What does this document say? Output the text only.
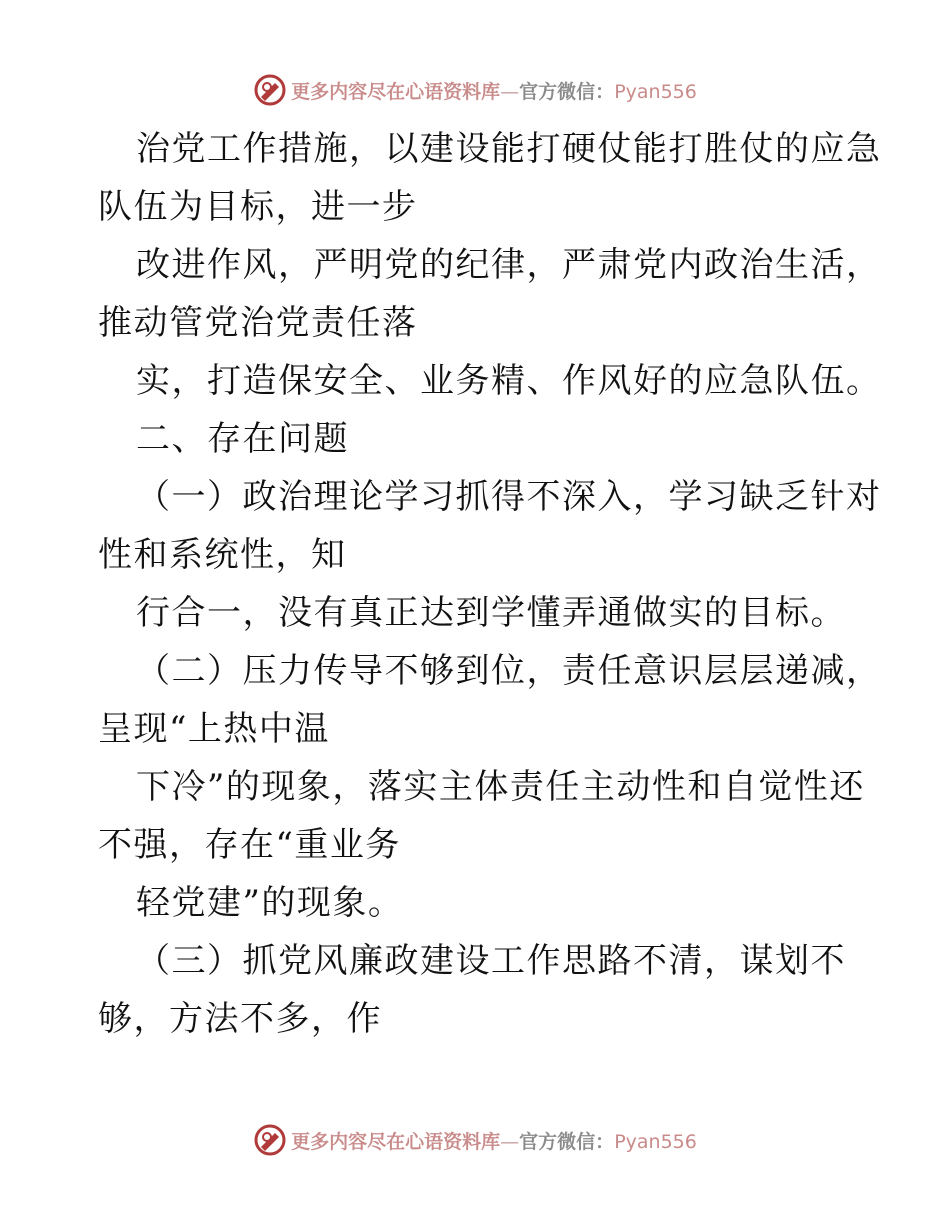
更多内容尽在心语资料库—官方微信：Pyan556
治党工作措施，以建设能打硬仗能打胜仗的应急
队伍为目标，进一步
改进作风，严明党的纪律，严肃党内政治生活，
推动管党治党责任落
实，打造保安全、业务精、作风好的应急队伍。
二、存在问题
（一）政治理论学习抓得不深入，学习缺乏针对
性和系统性，知
行合一，没有真正达到学懂弄通做实的目标。
（二）压力传导不够到位，责任意识层层递减，
呈现“上热中温
下冷”的现象，落实主体责任主动性和自觉性还
不强，存在“重业务
轻党建”的现象。
（三）抓党风廉政建设工作思路不清，谋划不
够，方法不多，作
更多内容尽在心语资料库—官方微信：Pyan556
